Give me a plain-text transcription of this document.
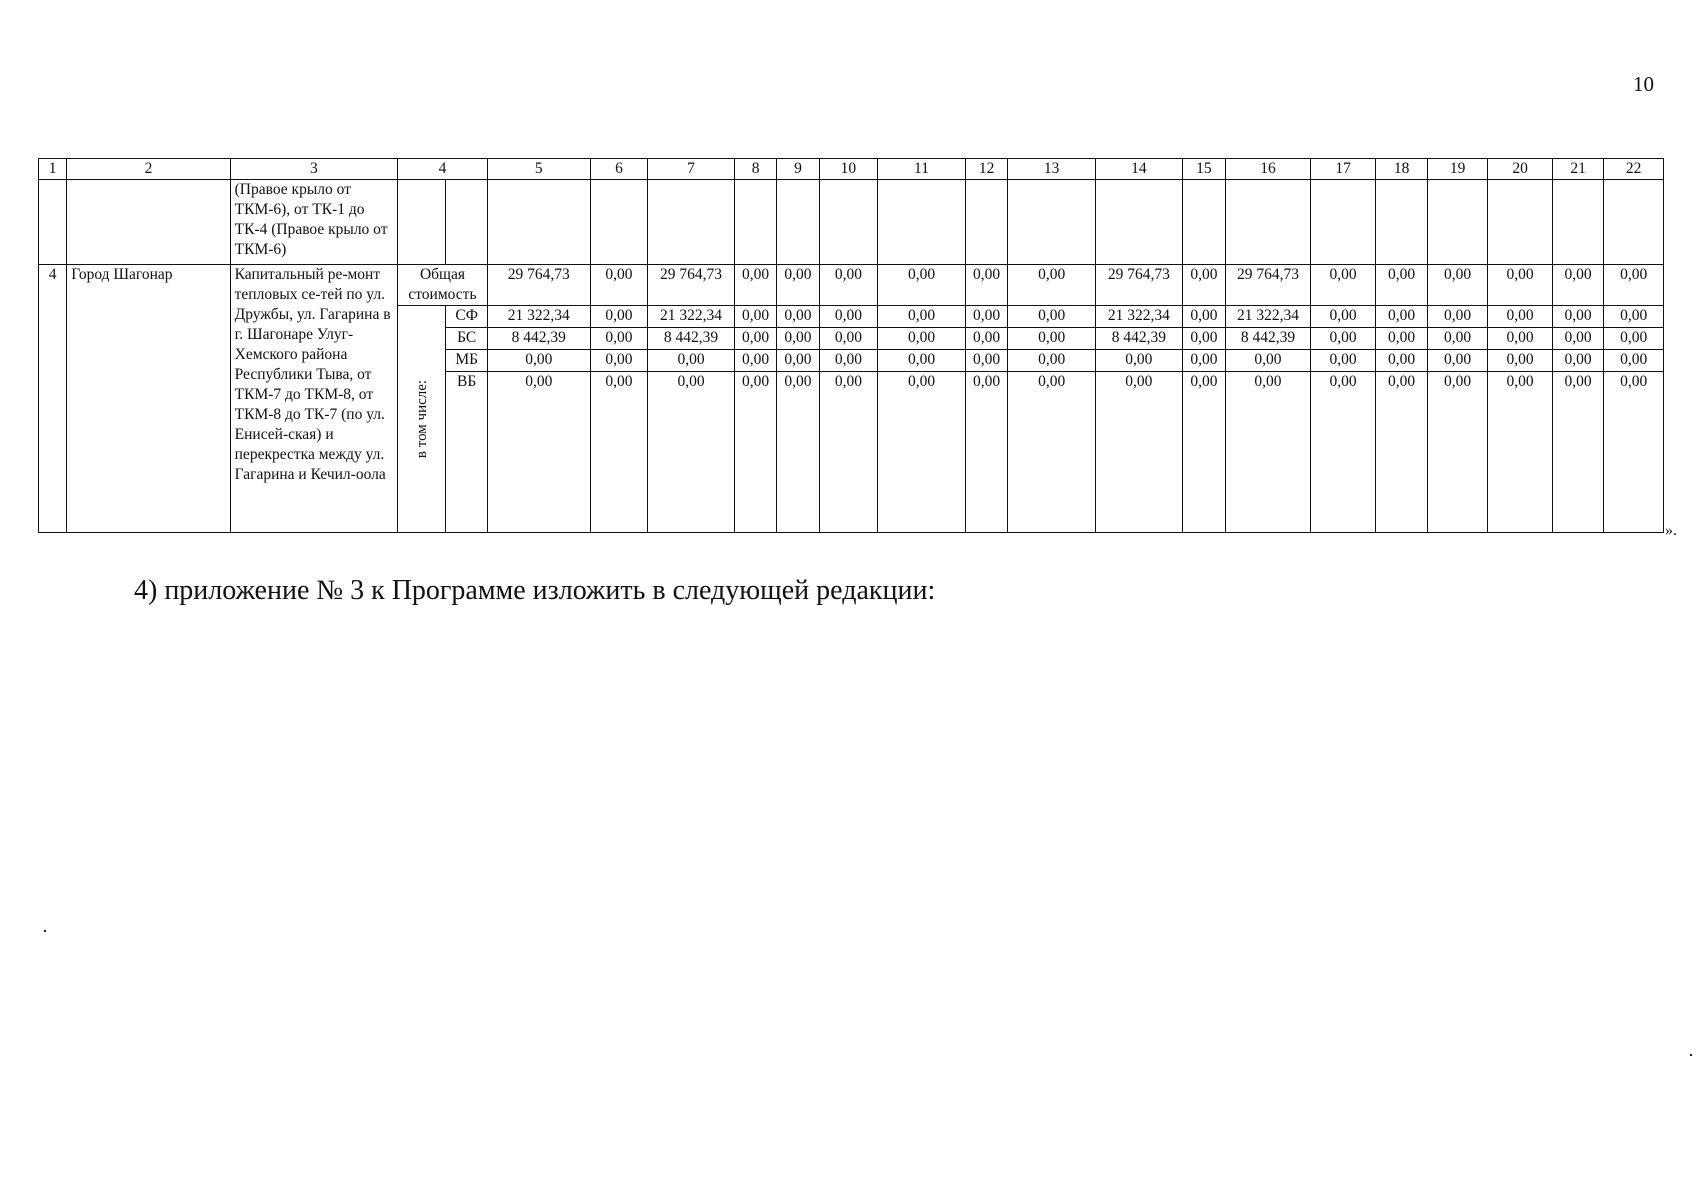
10
1	2	3	4		5	6	7	8	9	10	11	12	13	14	15	16	17	18	19	20	21	22
		(Правое крыло от ТКМ-6), от ТК-1 до ТК-4 (Правое крыло от ТКМ-6)																				
4	Город Шагонар	Капитальный ре-монт тепловых се-тей по ул. Дружбы, ул. Гагарина в г. Шагонаре Улуг-Хемского района Республики Тыва, от ТКМ-7 до ТКМ-8, от ТКМ-8 до ТК-7 (по ул. Енисей-ская) и перекрестка между ул. Гагарина и Кечил-оола	Общая стоимость		29 764,73	0,00	29 764,73	0,00	0,00	0,00	0,00	0,00	0,00	29 764,73	0,00	29 764,73	0,00	0,00	0,00	0,00	0,00	0,00

			в том числе:	СФ	21 322,34	0,00	21 322,34	0,00	0,00	0,00	0,00	0,00	0,00	21 322,34	0,00	21 322,34	0,00	0,00	0,00	0,00	0,00	0,00
				БС	8 442,39	0,00	8 442,39	0,00	0,00	0,00	0,00	0,00	0,00	8 442,39	0,00	8 442,39	0,00	0,00	0,00	0,00	0,00	0,00
				МБ	0,00	0,00	0,00	0,00	0,00	0,00	0,00	0,00	0,00	0,00	0,00	0,00	0,00	0,00	0,00	0,00	0,00	0,00
				ВБ	0,00	0,00	0,00	0,00	0,00	0,00	0,00	0,00	0,00	0,00	0,00	0,00	0,00	0,00	0,00	0,00	0,00	0,00
».
4) приложение № 3 к Программе изложить в следующей редакции:
